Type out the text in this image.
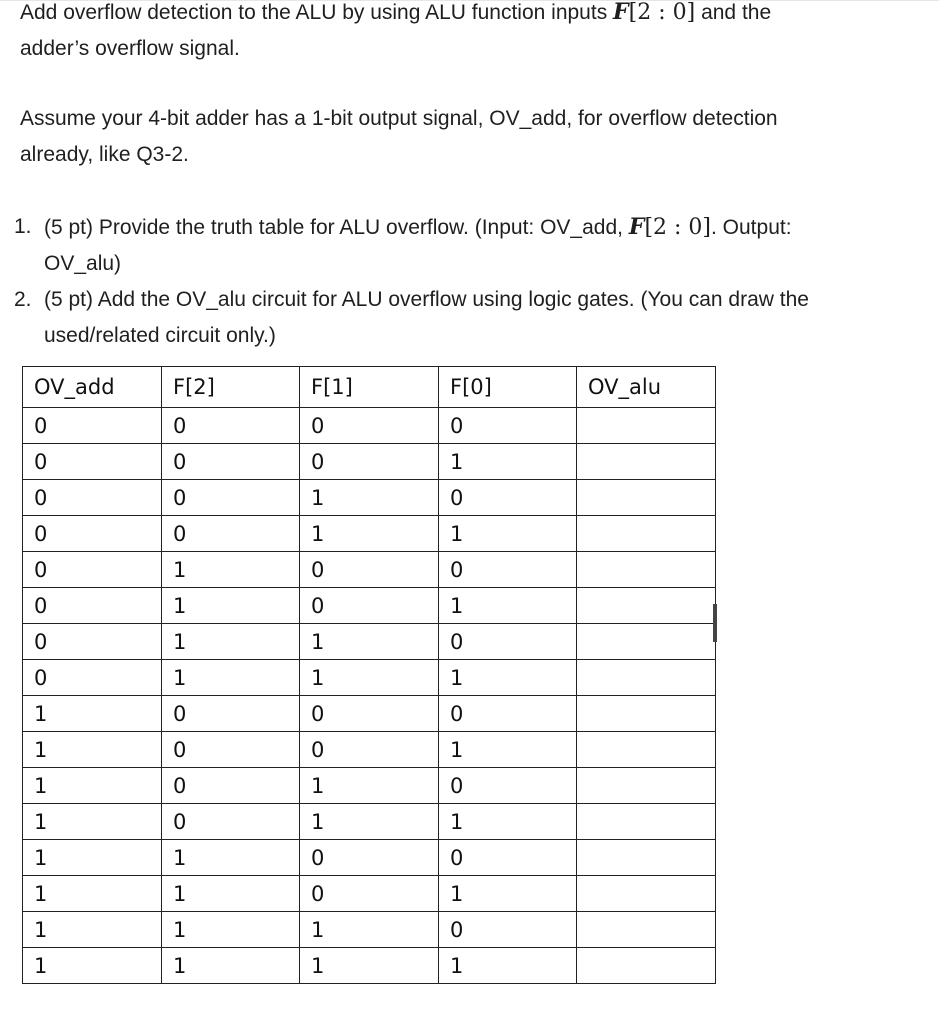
Add overflow detection to the ALU by using ALU function inputs F[2 : 0] and the
adder’s overflow signal.

Assume your 4-bit adder has a 1-bit output signal, OV_add, for overflow detection
already, like Q3-2.

1. (5 pt) Provide the truth table for ALU overflow. (Input: OV_add, F[2 : 0]. Output:
OV_alu)
2. (5 pt) Add the OV_alu circuit for ALU overflow using logic gates. (You can draw the
used/related circuit only.)
OV_add	F[2]	F[1]	F[0]	OV_alu
0	0	0	0	
0	0	0	1	
0	0	1	0	
0	0	1	1	
0	1	0	0	
0	1	0	1	
0	1	1	0	
0	1	1	1	
1	0	0	0	
1	0	0	1	
1	0	1	0	
1	0	1	1	
1	1	0	0	
1	1	0	1	
1	1	1	0	
1	1	1	1	
